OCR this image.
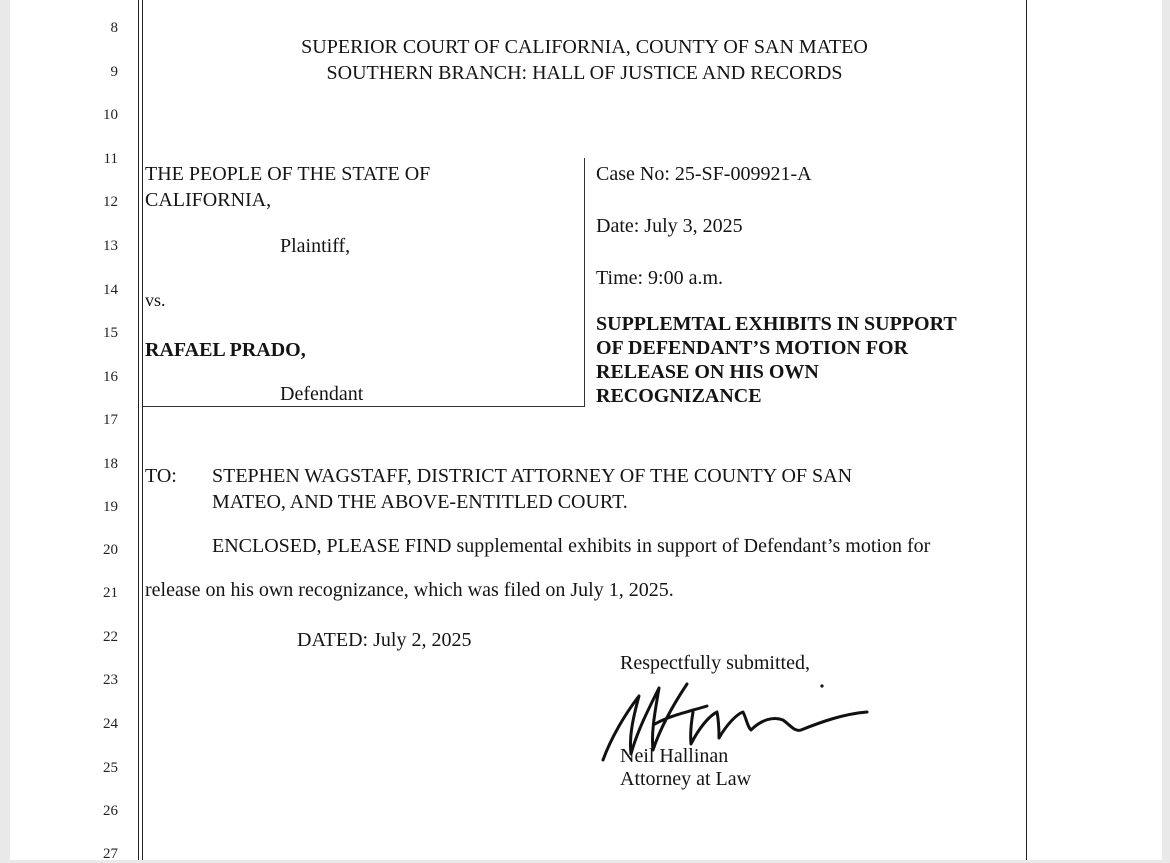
8
9
10
11
12
13
14
15
16
17
18
19
20
21
22
23
24
25
26
27
SUPERIOR COURT OF CALIFORNIA, COUNTY OF SAN MATEO
SOUTHERN BRANCH: HALL OF JUSTICE AND RECORDS
THE PEOPLE OF THE STATE OF
CALIFORNIA,
Plaintiff,
vs.
RAFAEL PRADO,
Defendant
Case No: 25-SF-009921-A
Date: July 3, 2025
Time: 9:00 a.m.
SUPPLEMTAL EXHIBITS IN SUPPORT
OF DEFENDANT’S MOTION FOR
RELEASE ON HIS OWN
RECOGNIZANCE
TO: STEPHEN WAGSTAFF, DISTRICT ATTORNEY OF THE COUNTY OF SAN
MATEO, AND THE ABOVE-ENTITLED COURT.
ENCLOSED, PLEASE FIND supplemental exhibits in support of Defendant’s motion for
release on his own recognizance, which was filed on July 1, 2025.
DATED: July 2, 2025
Respectfully submitted,
Neil Hallinan
Attorney at Law
